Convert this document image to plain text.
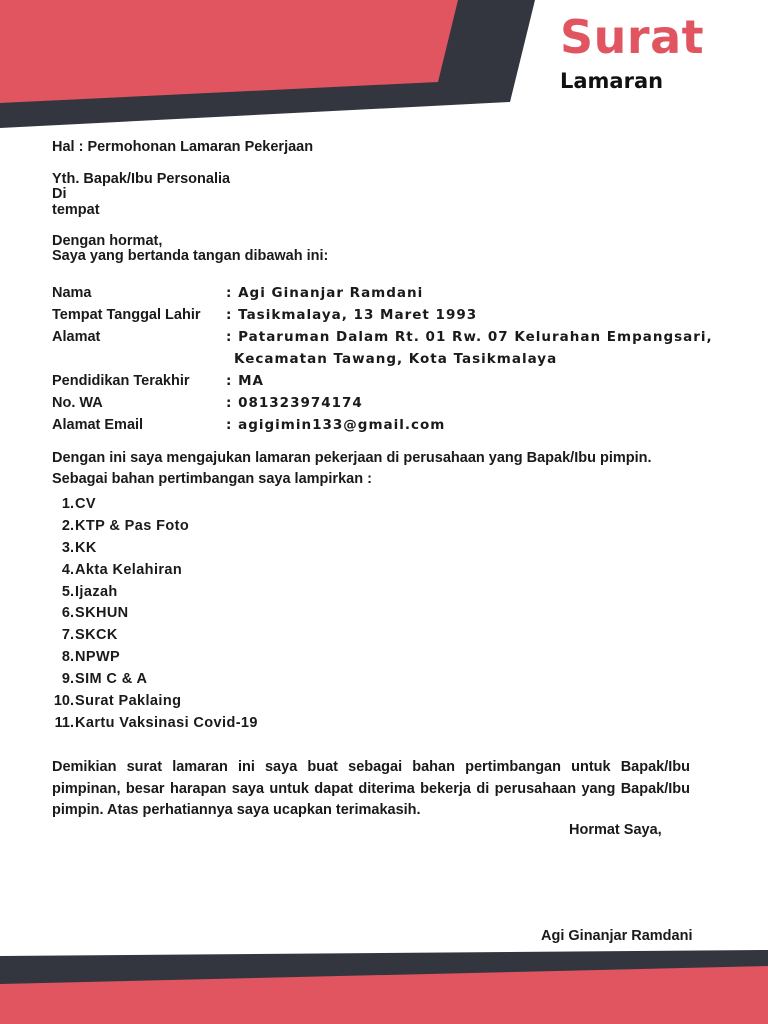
Surat
Lamaran
Hal : Permohonan Lamaran Pekerjaan
Yth. Bapak/Ibu Personalia
Di
tempat
Dengan hormat,
Saya yang bertanda tangan dibawah ini:
Nama	: Agi Ginanjar Ramdani
Tempat Tanggal Lahir : Tasikmalaya, 13 Maret 1993
Alamat	: Pataruman Dalam Rt. 01 Rw. 07 Kelurahan Empangsari,
Kecamatan Tawang, Kota Tasikmalaya
Pendidikan Terakhir	: MA
No. WA	: 081323974174
Alamat Email	: agigimin133@gmail.com
Dengan ini saya mengajukan lamaran pekerjaan di perusahaan yang Bapak/Ibu pimpin.
Sebagai bahan pertimbangan saya lampirkan :
1. CV
2. KTP & Pas Foto
3. KK
4. Akta Kelahiran
5. Ijazah
6. SKHUN
7. SKCK
8. NPWP
9. SIM C & A
10. Surat Paklaing
11. Kartu Vaksinasi Covid-19
Demikian surat lamaran ini saya buat sebagai bahan pertimbangan untuk Bapak/Ibu pimpinan, besar harapan saya untuk dapat diterima bekerja di perusahaan yang Bapak/Ibu pimpin. Atas perhatiannya saya ucapkan terimakasih.
Hormat Saya,
Agi Ginanjar Ramdani
